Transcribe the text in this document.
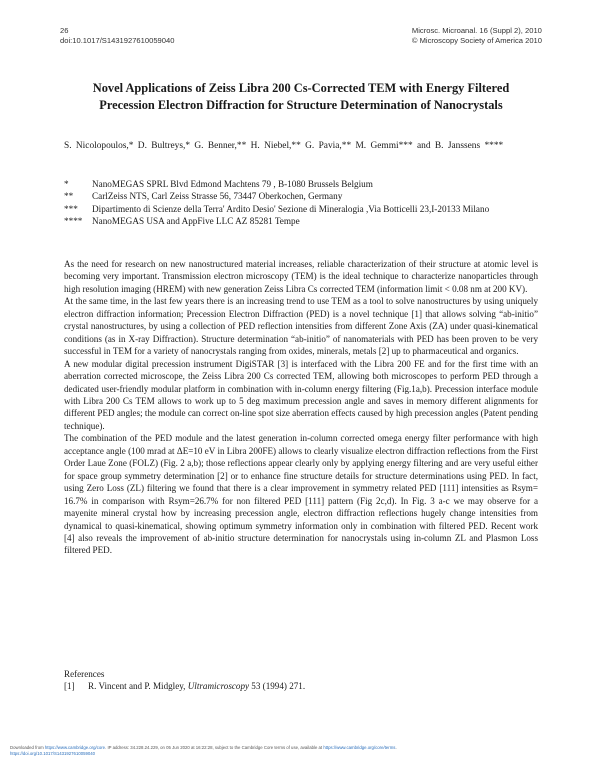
26
doi:10.1017/S1431927610059040
Microsc. Microanal. 16 (Suppl 2), 2010
© Microscopy Society of America 2010
Novel Applications of Zeiss Libra 200 Cs-Corrected TEM with Energy Filtered Precession Electron Diffraction for Structure Determination of Nanocrystals
S. Nicolopoulos,* D. Bultreys,* G. Benner,** H. Niebel,** G. Pavia,** M. Gemmi*** and B. Janssens ****
*	NanoMEGAS SPRL Blvd Edmond Machtens 79 , B-1080 Brussels Belgium
**	CarlZeiss NTS, Carl Zeiss Strasse 56, 73447 Oberkochen, Germany
***	Dipartimento di Scienze della Terra' Ardito Desio' Sezione di Mineralogia ,Via Botticelli 23,I-20133 Milano
****	NanoMEGAS USA and AppFive LLC AZ 85281 Tempe

As the need for research on new nanostructured material increases, reliable characterization of their structure at atomic level is becoming very important. Transmission electron microscopy (TEM) is the ideal technique to characterize nanoparticles through high resolution imaging (HREM) with new generation Zeiss Libra Cs corrected TEM (information limit < 0.08 nm at 200 KV).

At the same time, in the last few years there is an increasing trend to use TEM as a tool to solve nanostructures by using uniquely electron diffraction information; Precession Electron Diffraction (PED) is a novel technique [1] that allows solving “ab-initio” crystal nanostructures, by using a collection of PED reflection intensities from different Zone Axis (ZA) under quasi-kinematical conditions (as in X-ray Diffraction). Structure determination “ab-initio” of nanomaterials with PED has been proven to be very successful in TEM for a variety of nanocrystals ranging from oxides, minerals, metals [2] up to pharmaceutical and organics.

A new modular digital precession instrument DigiSTAR [3] is interfaced with the Libra 200 FE and for the first time with an aberration corrected microscope, the Zeiss Libra 200 Cs corrected TEM, allowing both microscopes to perform PED through a dedicated user-friendly modular platform in combination with in-column energy filtering (Fig.1a,b). Precession interface module with Libra 200 Cs TEM allows to work up to 5 deg maximum precession angle and saves in memory different alignments for different PED angles; the module can correct on-line spot size aberration effects caused by high precession angles (Patent pending technique).

The combination of the PED module and the latest generation in-column corrected omega energy filter performance with high acceptance angle (100 mrad at ΔE=10 eV in Libra 200FE) allows to clearly visualize electron diffraction reflections from the First Order Laue Zone (FOLZ) (Fig. 2 a,b); those reflections appear clearly only by applying energy filtering and are very useful either for space group symmetry determination [2] or to enhance fine structure details for structure determinations using PED. In fact, using Zero Loss (ZL) filtering we found that there is a clear improvement in symmetry related PED [111] intensities as Rsym= 16.7% in comparison with Rsym=26.7% for non filtered PED [111] pattern (Fig 2c,d). In Fig. 3 a-c we may observe for a mayenite mineral crystal how by increasing precession angle, electron diffraction reflections hugely change intensities from dynamical to quasi-kinematical, showing optimum symmetry information only in combination with filtered PED. Recent work [4] also reveals the improvement of ab-initio structure determination for nanocrystals using in-column ZL and Plasmon Loss filtered PED.

References
[1]	R. Vincent and P. Midgley, Ultramicroscopy 53 (1994) 271.
Downloaded from https://www.cambridge.org/core. IP address: 34.228.24.229, on 05 Jun 2020 at 16:22:28, subject to the Cambridge Core terms of use, available at https://www.cambridge.org/core/terms.
https://doi.org/10.1017/S1431927610059040
